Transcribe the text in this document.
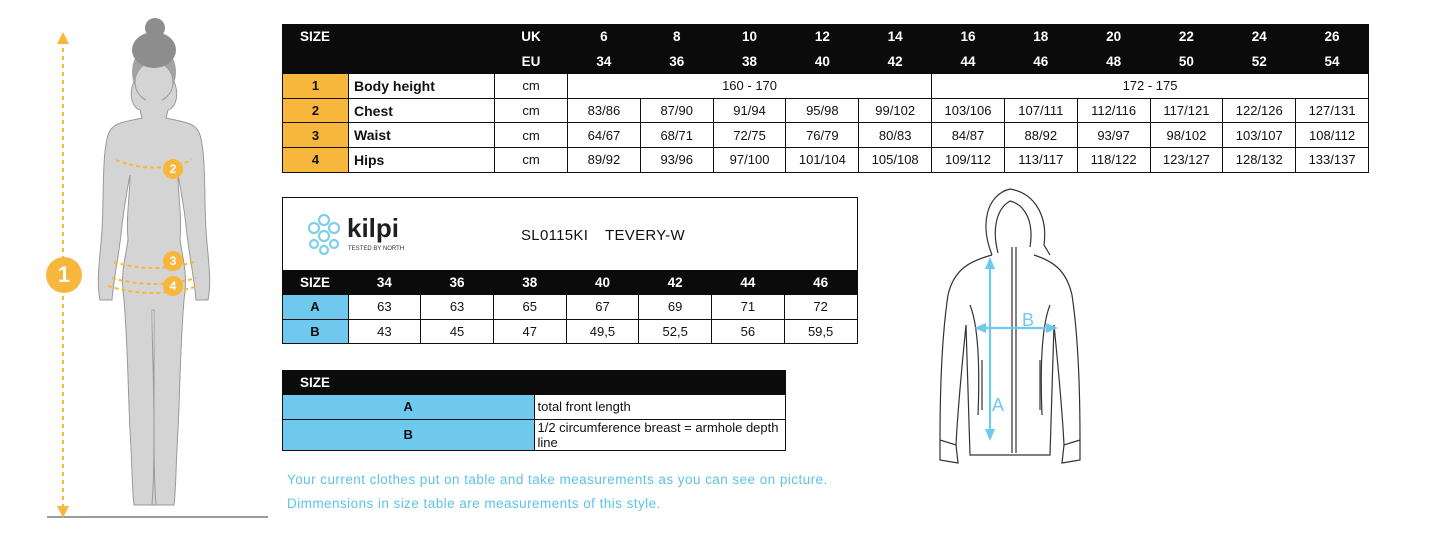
1
2
3
4
SIZE		UK	6	8	10	12	14	16	18	20	22	24	26
		EU	34	36	38	40	42	44	46	48	50	52	54
1	Body height	cm	160 - 170					172 - 175					
2	Chest	cm	83/86	87/90	91/94	95/98	99/102	103/106	107/111	112/116	117/121	122/126	127/131
3	Waist	cm	64/67	68/71	72/75	76/79	80/83	84/87	88/92	93/97	98/102	103/107	108/112
4	Hips	cm	89/92	93/96	97/100	101/104	105/108	109/112	113/117	118/122	123/127	128/132	133/137
kilpi
TESTED BY NORTH
SL0115KI TEVERY-W
SIZE	34	36	38	40	42	44	46
A	63	63	65	67	69	71	72
B	43	45	47	49,5	52,5	56	59,5
SIZE	
A	total front length
B	1/2 circumference breast = armhole depth line
Your current clothes put on table and take measurements as you can see on picture.
Dimmensions in size table are measurements of this style.
A
B
